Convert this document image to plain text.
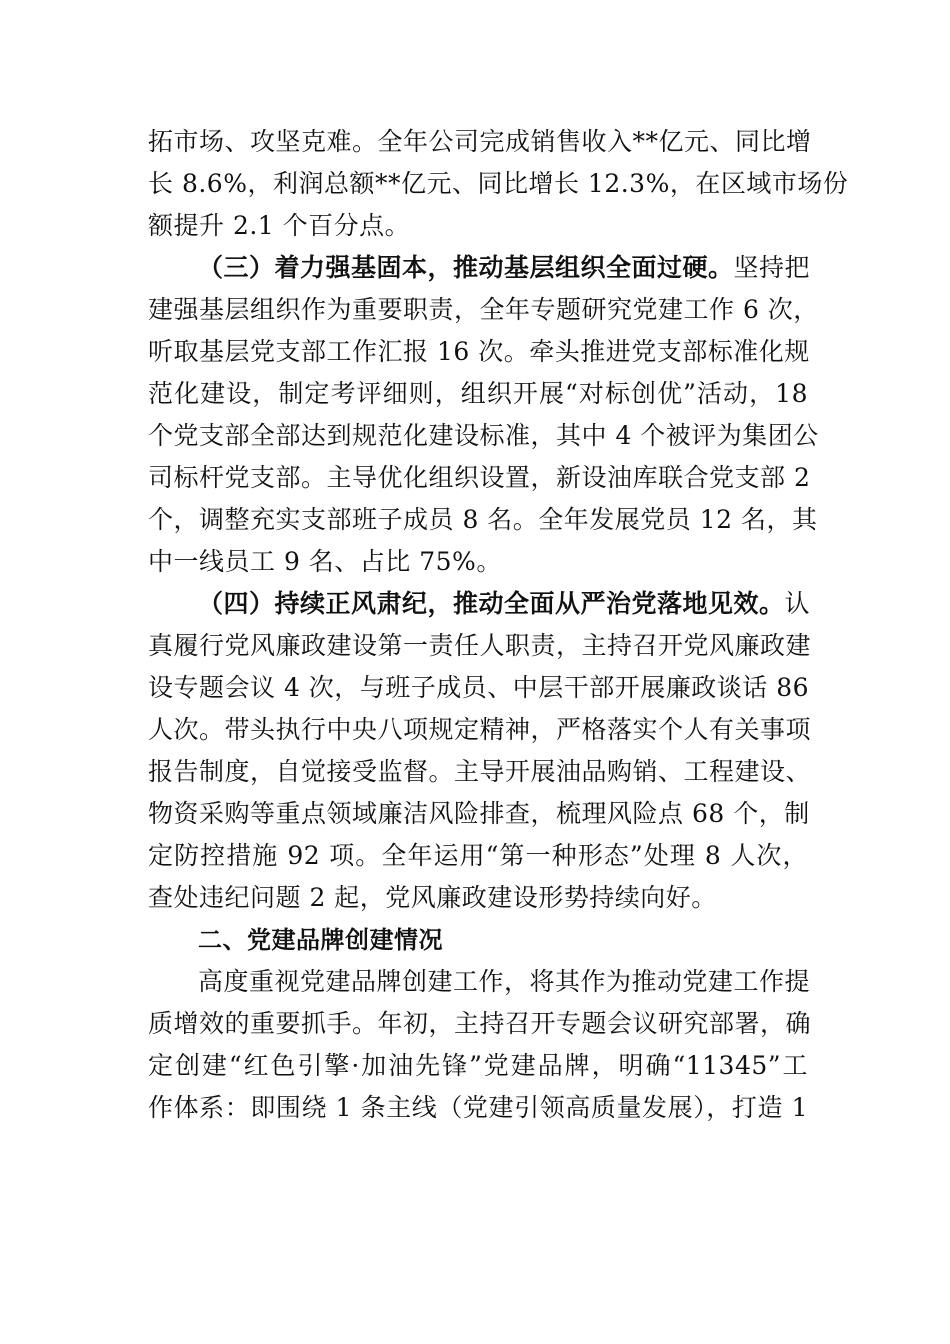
拓市场、攻坚克难。全年公司完成销售收入**亿元、同比增
长 8.6%，利润总额**亿元、同比增长 12.3%，在区域市场份
额提升 2.1 个百分点。
（三）着力强基固本，推动基层组织全面过硬。坚持把
建强基层组织作为重要职责，全年专题研究党建工作 6 次，
听取基层党支部工作汇报 16 次。牵头推进党支部标准化规
范化建设，制定考评细则，组织开展“对标创优”活动，18
个党支部全部达到规范化建设标准，其中 4 个被评为集团公
司标杆党支部。主导优化组织设置，新设油库联合党支部 2
个，调整充实支部班子成员 8 名。全年发展党员 12 名，其
中一线员工 9 名、占比 75%。
（四）持续正风肃纪，推动全面从严治党落地见效。认
真履行党风廉政建设第一责任人职责，主持召开党风廉政建
设专题会议 4 次，与班子成员、中层干部开展廉政谈话 86
人次。带头执行中央八项规定精神，严格落实个人有关事项
报告制度，自觉接受监督。主导开展油品购销、工程建设、
物资采购等重点领域廉洁风险排查，梳理风险点 68 个，制
定防控措施 92 项。全年运用“第一种形态”处理 8 人次，
查处违纪问题 2 起，党风廉政建设形势持续向好。
二、党建品牌创建情况
高度重视党建品牌创建工作，将其作为推动党建工作提
质增效的重要抓手。年初，主持召开专题会议研究部署，确
定创建“红色引擎·加油先锋”党建品牌，明确“11345”工
作体系：即围绕 1 条主线（党建引领高质量发展），打造 1
